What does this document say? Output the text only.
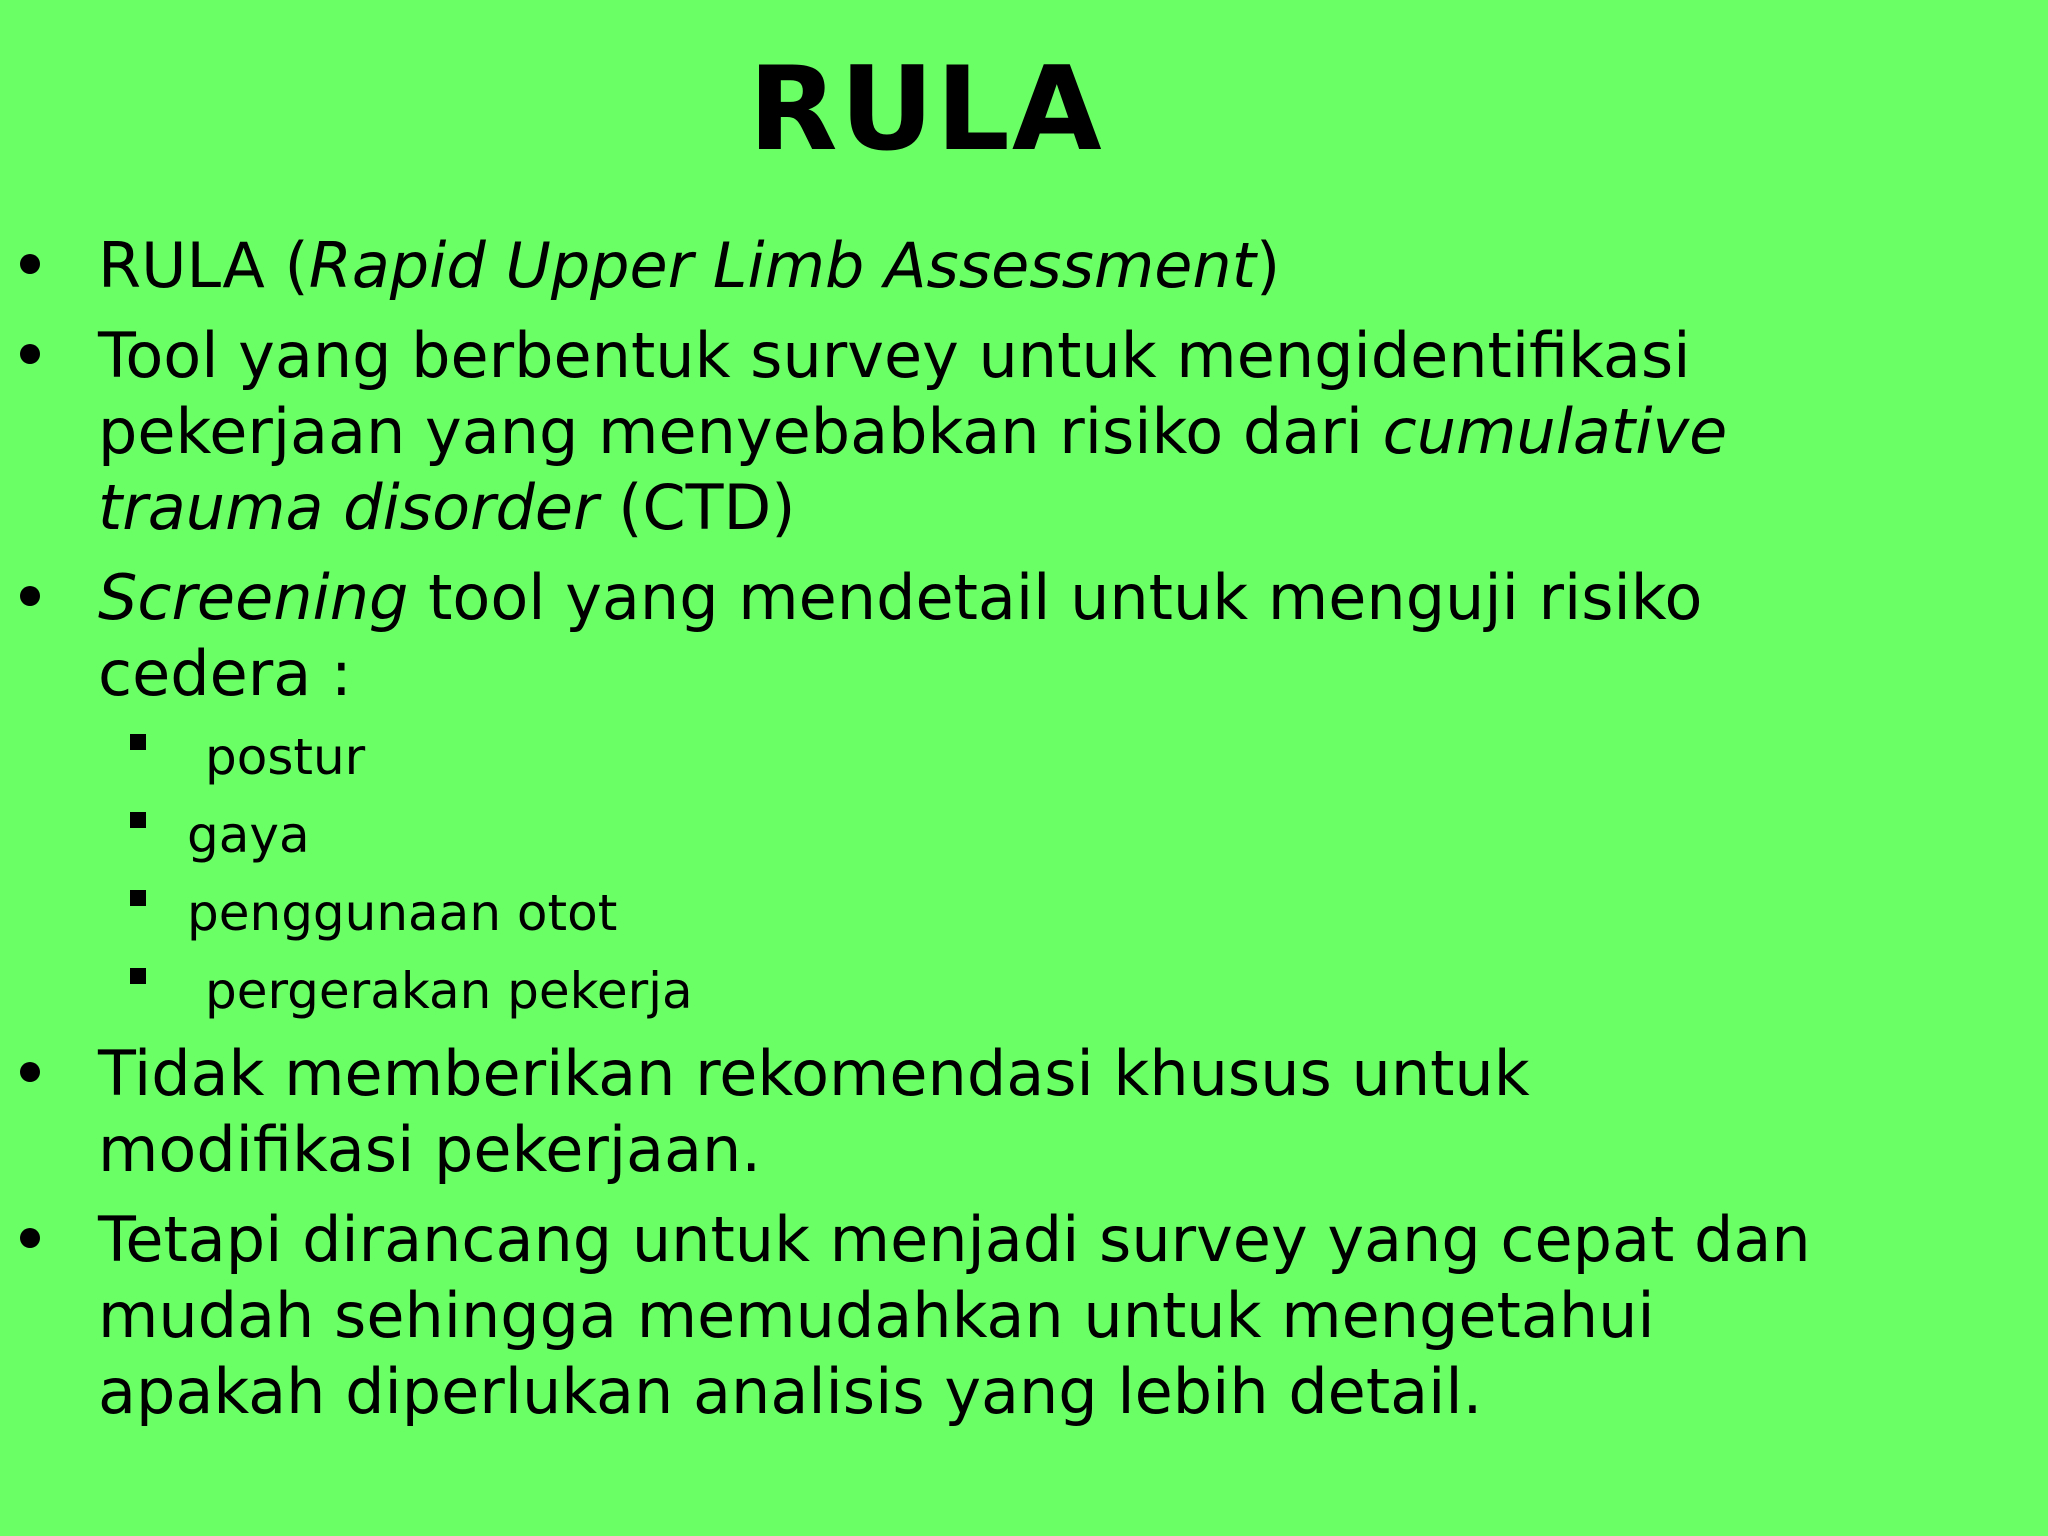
RULA
RULA (Rapid Upper Limb Assessment)
Tool yang berbentuk survey untuk mengidentifikasi
pekerjaan yang menyebabkan risiko dari cumulative
trauma disorder (CTD)
Screening tool yang mendetail untuk menguji risiko
cedera :
postur
gaya
penggunaan otot
pergerakan pekerja
Tidak memberikan rekomendasi khusus untuk
modifikasi pekerjaan.
Tetapi dirancang untuk menjadi survey yang cepat dan
mudah sehingga memudahkan untuk mengetahui
apakah diperlukan analisis yang lebih detail.
